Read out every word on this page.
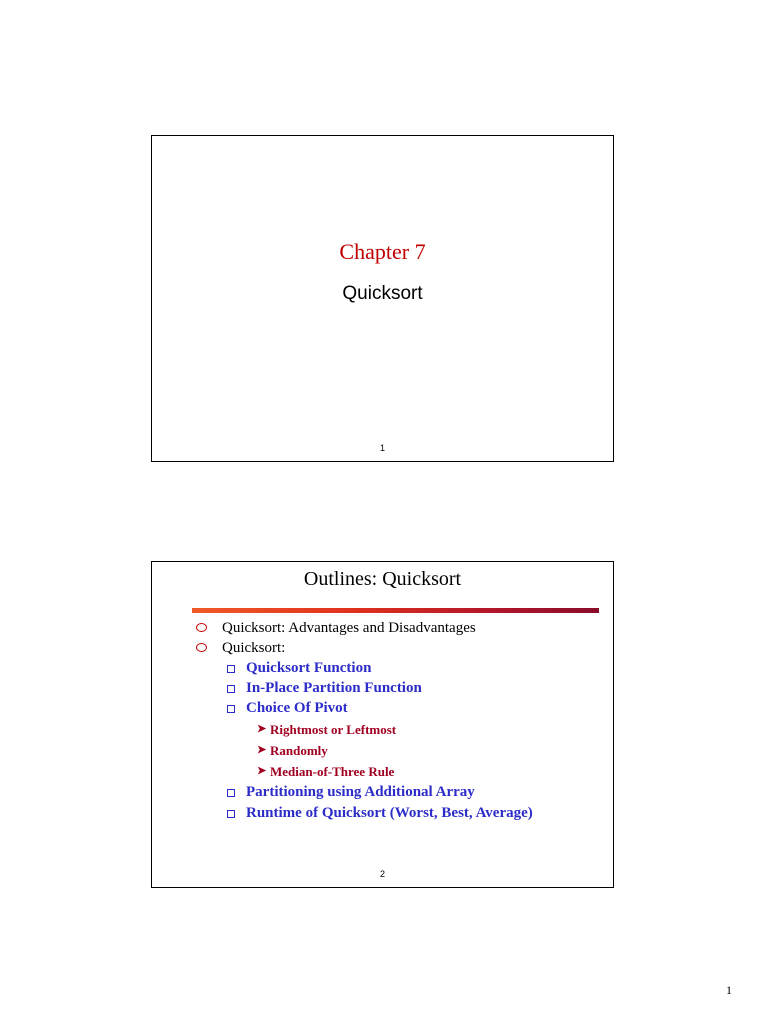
Chapter 7
Quicksort
1
Outlines: Quicksort
Quicksort: Advantages and Disadvantages
Quicksort:
Quicksort Function
In-Place Partition Function
Choice Of Pivot
➤ Rightmost or Leftmost
➤ Randomly
➤ Median-of-Three Rule
Partitioning using Additional Array
Runtime of Quicksort (Worst, Best, Average)
2
1
